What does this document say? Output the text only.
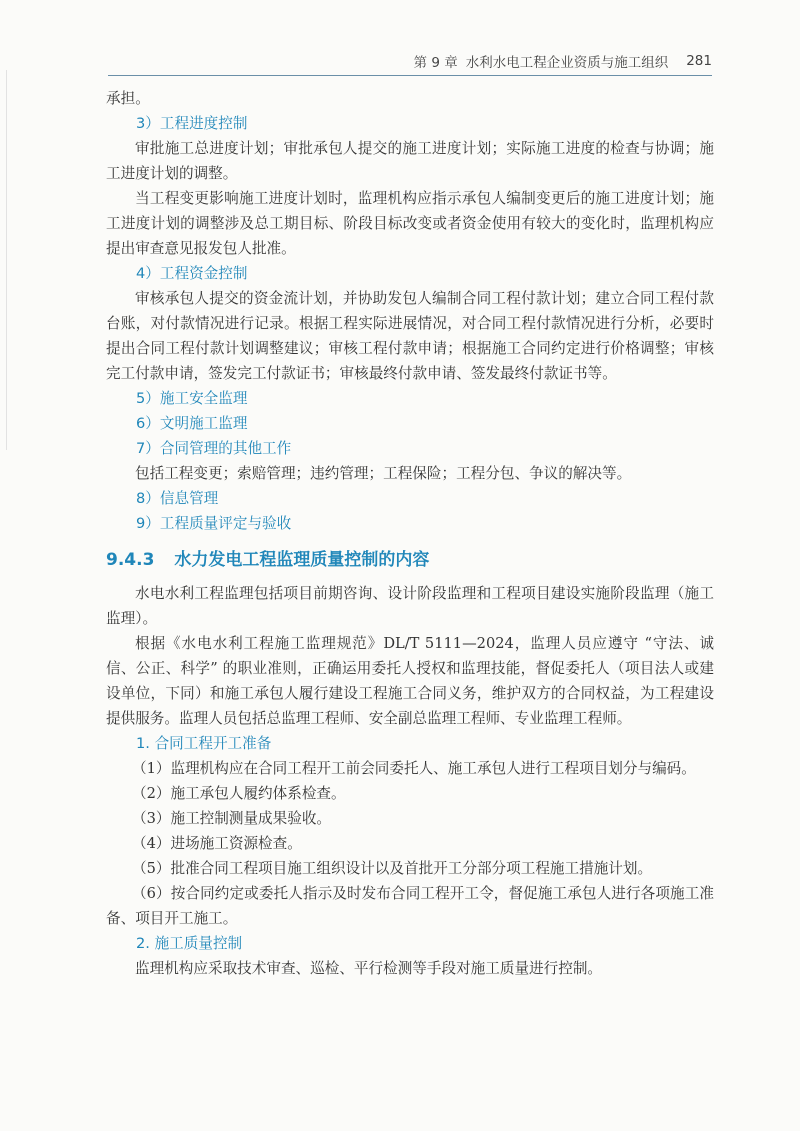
第 9 章 水利水电工程企业资质与施工组织 281

承担。

3）工程进度控制

审批施工总进度计划；审批承包人提交的施工进度计划；实际施工进度的检查与协调；施工进度计划的调整。

当工程变更影响施工进度计划时，监理机构应指示承包人编制变更后的施工进度计划；施工进度计划的调整涉及总工期目标、阶段目标改变或者资金使用有较大的变化时，监理机构应提出审查意见报发包人批准。

4）工程资金控制

审核承包人提交的资金流计划，并协助发包人编制合同工程付款计划；建立合同工程付款台账，对付款情况进行记录。根据工程实际进展情况，对合同工程付款情况进行分析，必要时提出合同工程付款计划调整建议；审核工程付款申请；根据施工合同约定进行价格调整；审核完工付款申请，签发完工付款证书；审核最终付款申请、签发最终付款证书等。

5）施工安全监理

6）文明施工监理

7）合同管理的其他工作

包括工程变更；索赔管理；违约管理；工程保险；工程分包、争议的解决等。

8）信息管理

9）工程质量评定与验收

9.4.3 水力发电工程监理质量控制的内容

水电水利工程监理包括项目前期咨询、设计阶段监理和工程项目建设实施阶段监理（施工监理）。

根据《水电水利工程施工监理规范》DL/T 5111—2024，监理人员应遵守 “守法、诚信、公正、科学” 的职业准则，正确运用委托人授权和监理技能，督促委托人（项目法人或建设单位，下同）和施工承包人履行建设工程施工合同义务，维护双方的合同权益，为工程建设提供服务。监理人员包括总监理工程师、安全副总监理工程师、专业监理工程师。

1. 合同工程开工准备

（1）监理机构应在合同工程开工前会同委托人、施工承包人进行工程项目划分与编码。

（2）施工承包人履约体系检查。

（3）施工控制测量成果验收。

（4）进场施工资源检查。

（5）批准合同工程项目施工组织设计以及首批开工分部分项工程施工措施计划。

（6）按合同约定或委托人指示及时发布合同工程开工令，督促施工承包人进行各项施工准备、项目开工施工。

2. 施工质量控制

监理机构应采取技术审查、巡检、平行检测等手段对施工质量进行控制。
